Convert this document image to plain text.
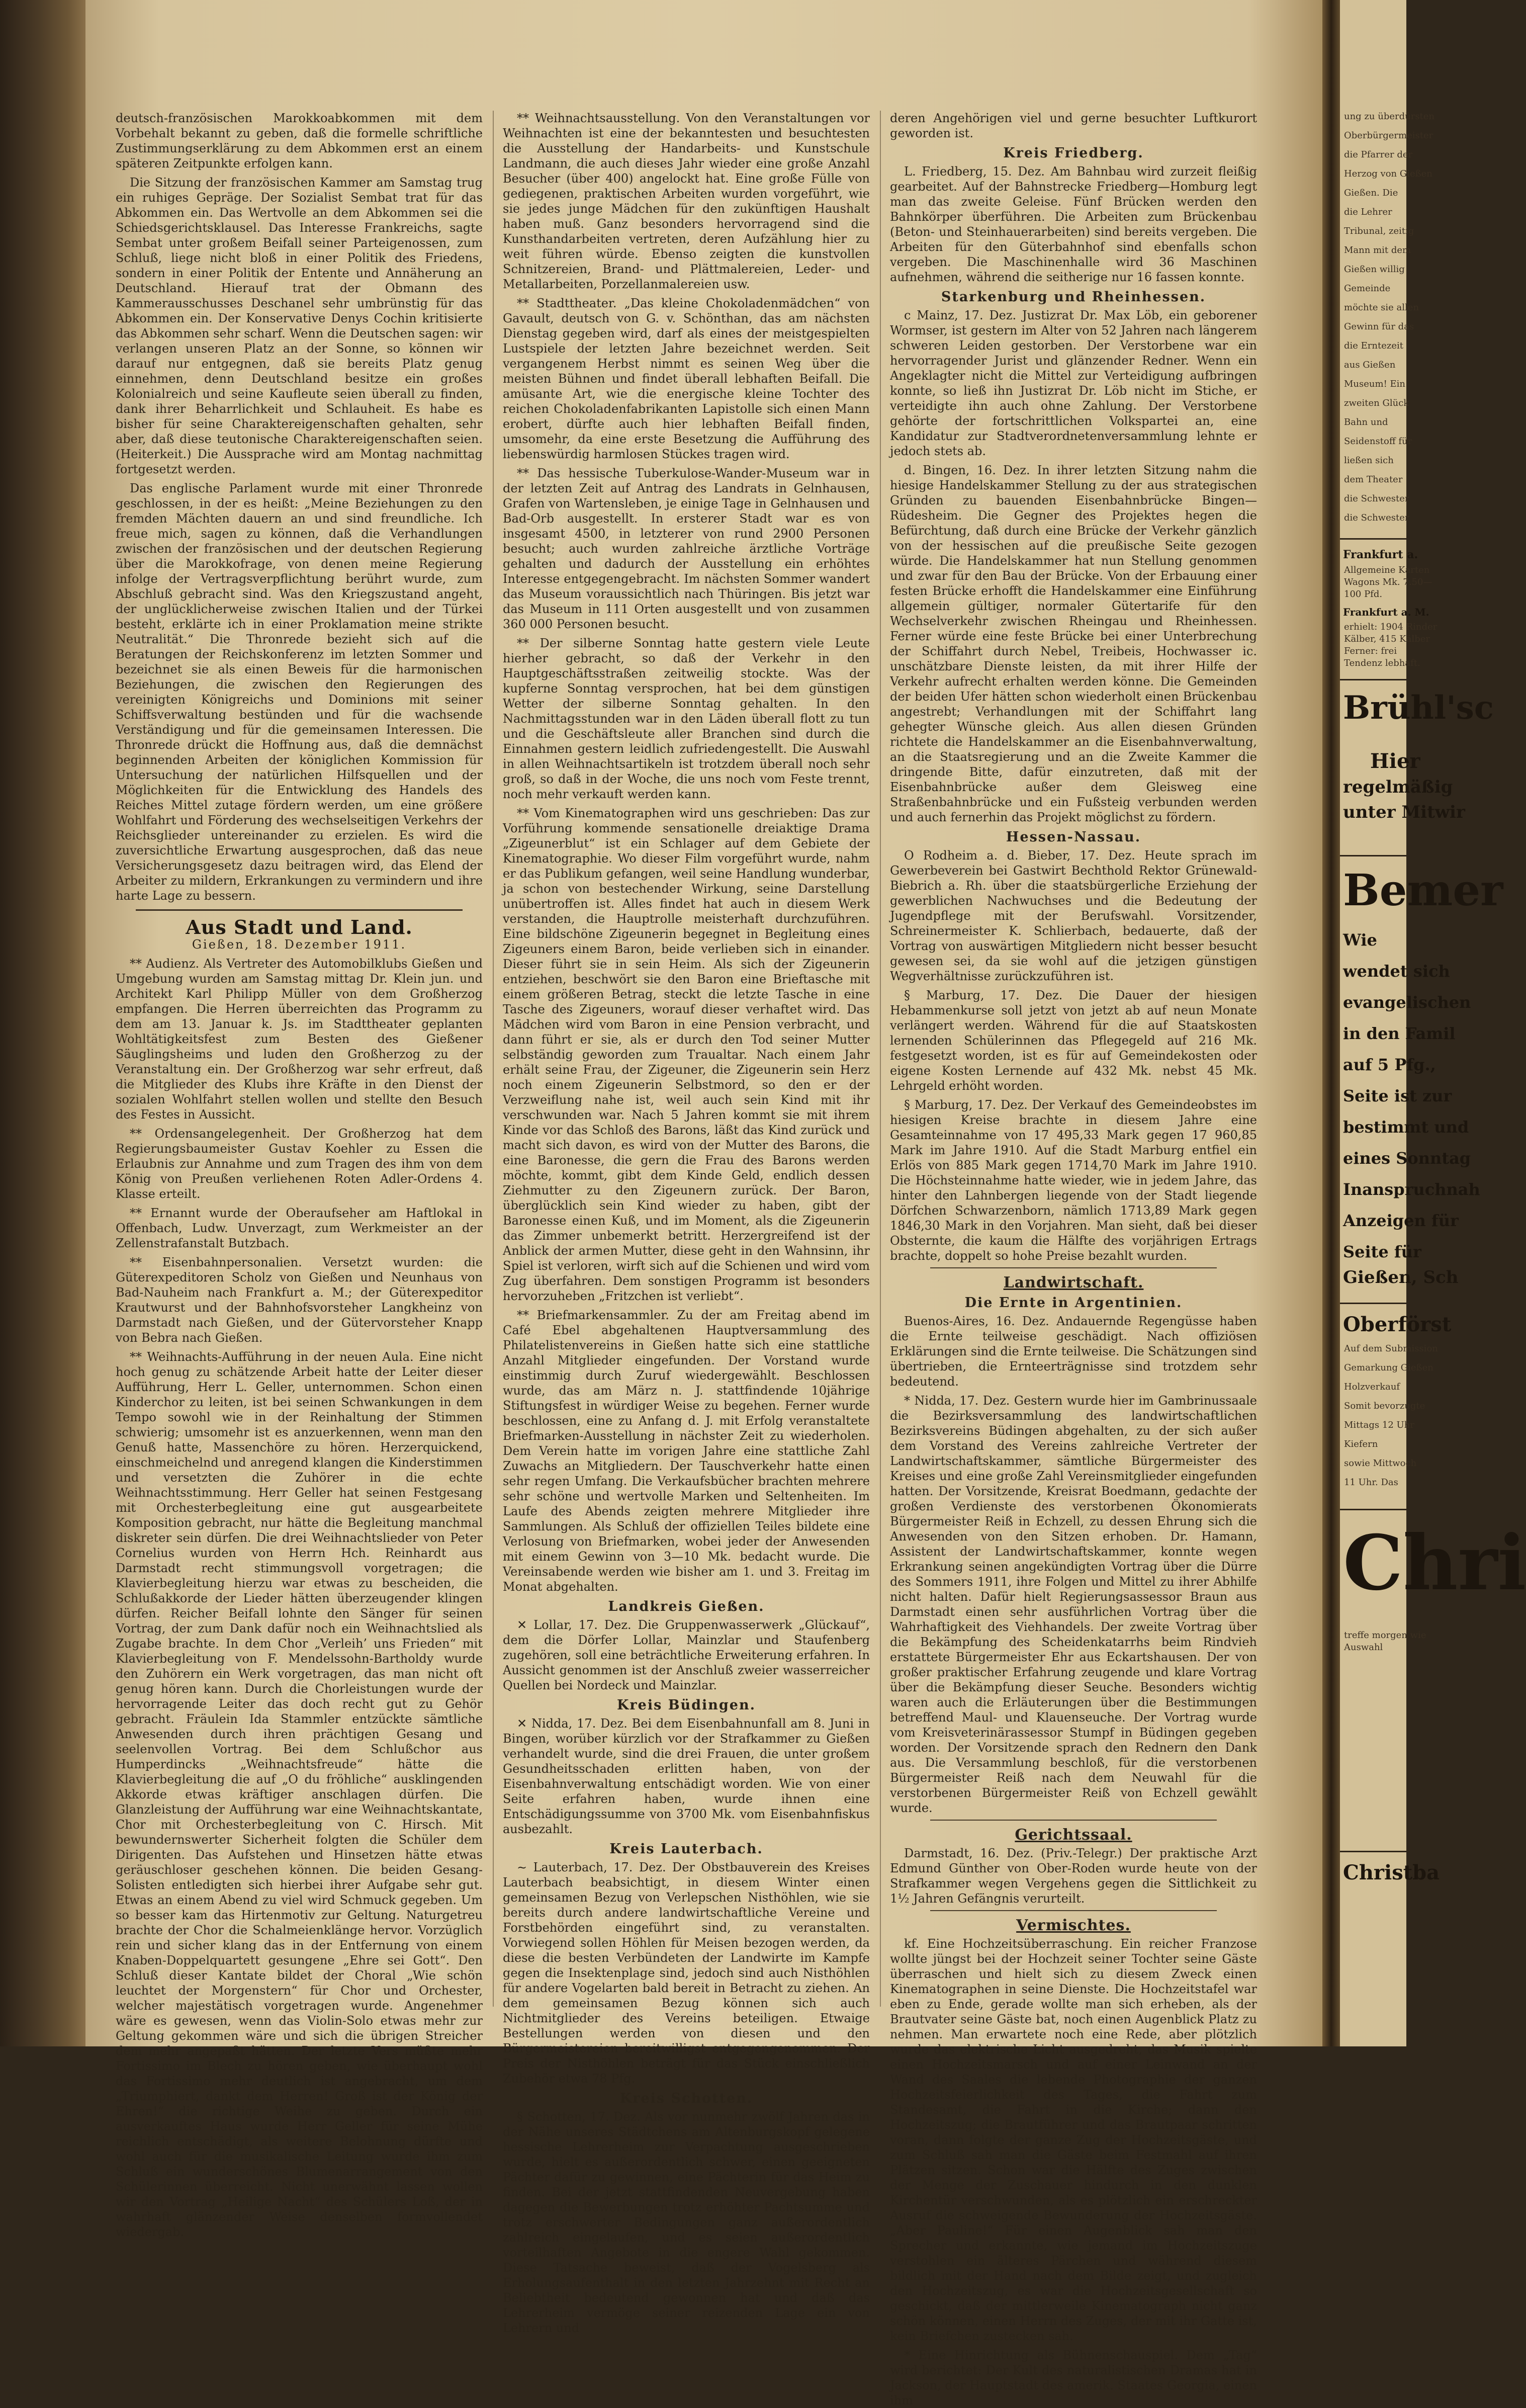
deutsch-französischen Marokkoabkommen mit dem Vorbehalt bekannt zu geben, daß die formelle schriftliche Zustimmungserklärung zu dem Abkommen erst an einem späteren Zeitpunkte erfolgen kann.

Die Sitzung der französischen Kammer am Samstag trug ein ruhiges Gepräge. Der Sozialist Sembat trat für das Abkommen ein. Das Wertvolle an dem Abkommen sei die Schiedsgerichtsklausel. Das Interesse Frankreichs, sagte Sembat unter großem Beifall seiner Parteigenossen, zum Schluß, liege nicht bloß in einer Politik des Friedens, sondern in einer Politik der Entente und Annäherung an Deutschland. Hierauf trat der Obmann des Kammerausschusses Deschanel sehr umbrünstig für das Abkommen ein. Der Konservative Denys Cochin kritisierte das Abkommen sehr scharf. Wenn die Deutschen sagen: wir verlangen unseren Platz an der Sonne, so können wir darauf nur entgegnen, daß sie bereits Platz genug einnehmen, denn Deutschland besitze ein großes Kolonialreich und seine Kaufleute seien überall zu finden, dank ihrer Beharrlichkeit und Schlauheit. Es habe es bisher für seine Charaktereigenschaften gehalten, sehr aber, daß diese teutonische Charaktereigenschaften seien. (Heiterkeit.) Die Aussprache wird am Montag nachmittag fortgesetzt werden.

Das englische Parlament wurde mit einer Thronrede geschlossen, in der es heißt: „Meine Beziehungen zu den fremden Mächten dauern an und sind freundliche. Ich freue mich, sagen zu können, daß die Verhandlungen zwischen der französischen und der deutschen Regierung über die Marokkofrage, von denen meine Regierung infolge der Vertragsverpflichtung berührt wurde, zum Abschluß gebracht sind. Was den Kriegszustand angeht, der unglücklicherweise zwischen Italien und der Türkei besteht, erklärte ich in einer Proklamation meine strikte Neutralität.“ Die Thronrede bezieht sich auf die Beratungen der Reichskonferenz im letzten Sommer und bezeichnet sie als einen Beweis für die harmonischen Beziehungen, die zwischen den Regierungen des vereinigten Königreichs und Dominions mit seiner Schiffsverwaltung bestünden und für die wachsende Verständigung und für die gemeinsamen Interessen. Die Thronrede drückt die Hoffnung aus, daß die demnächst beginnenden Arbeiten der königlichen Kommission für Untersuchung der natürlichen Hilfsquellen und der Möglichkeiten für die Entwicklung des Handels des Reiches Mittel zutage fördern werden, um eine größere Wohlfahrt und Förderung des wechselseitigen Verkehrs der Reichsglieder untereinander zu erzielen. Es wird die zuversichtliche Erwartung ausgesprochen, daß das neue Versicherungsgesetz dazu beitragen wird, das Elend der Arbeiter zu mildern, Erkrankungen zu vermindern und ihre harte Lage zu bessern.

Aus Stadt und Land.
Gießen, 18. Dezember 1911.

** Audienz. Als Vertreter des Automobilklubs Gießen und Umgebung wurden am Samstag mittag Dr. Klein jun. und Architekt Karl Philipp Müller von dem Großherzog empfangen. Die Herren überreichten das Programm zu dem am 13. Januar k. Js. im Stadttheater geplanten Wohltätigkeitsfest zum Besten des Gießener Säuglingsheims und luden den Großherzog zu der Veranstaltung ein. Der Großherzog war sehr erfreut, daß die Mitglieder des Klubs ihre Kräfte in den Dienst der sozialen Wohlfahrt stellen wollen und stellte den Besuch des Festes in Aussicht.

** Ordensangelegenheit. Der Großherzog hat dem Regierungsbaumeister Gustav Koehler zu Essen die Erlaubnis zur Annahme und zum Tragen des ihm von dem König von Preußen verliehenen Roten Adler-Ordens 4. Klasse erteilt.

** Ernannt wurde der Oberaufseher am Haftlokal in Offenbach, Ludw. Unverzagt, zum Werkmeister an der Zellenstrafanstalt Butzbach.

** Eisenbahnpersonalien. Versetzt wurden: die Güterexpeditoren Scholz von Gießen und Neunhaus von Bad-Nauheim nach Frankfurt a. M.; der Güterexpeditor Krautwurst und der Bahnhofsvorsteher Langkheinz von Darmstadt nach Gießen, und der Gütervorsteher Knapp von Bebra nach Gießen.

** Weihnachts-Aufführung in der neuen Aula. Eine nicht hoch genug zu schätzende Arbeit hatte der Leiter dieser Aufführung, Herr L. Geller, unternommen. Schon einen Kinderchor zu leiten, ist bei seinen Schwankungen in dem Tempo sowohl wie in der Reinhaltung der Stimmen schwierig; umsomehr ist es anzuerkennen, wenn man den Genuß hatte, Massenchöre zu hören. Herzerquickend, einschmeichelnd und anregend klangen die Kinderstimmen und versetzten die Zuhörer in die echte Weihnachtsstimmung. Herr Geller hat seinen Festgesang mit Orchesterbegleitung eine gut ausgearbeitete Komposition gebracht, nur hätte die Begleitung manchmal diskreter sein dürfen. Die drei Weihnachtslieder von Peter Cornelius wurden von Herrn Hch. Reinhardt aus Darmstadt recht stimmungsvoll vorgetragen; die Klavierbegleitung hierzu war etwas zu bescheiden, die Schlußakkorde der Lieder hätten überzeugender klingen dürfen. Reicher Beifall lohnte den Sänger für seinen Vortrag, der zum Dank dafür noch ein Weihnachtslied als Zugabe brachte. In dem Chor „Verleih’ uns Frieden“ mit Klavierbegleitung von F. Mendelssohn-Bartholdy wurde den Zuhörern ein Werk vorgetragen, das man nicht oft genug hören kann. Durch die Chorleistungen wurde der hervorragende Leiter das doch recht gut zu Gehör gebracht. Fräulein Ida Stammler entzückte sämtliche Anwesenden durch ihren prächtigen Gesang und seelenvollen Vortrag. Bei dem Schlußchor aus Humperdincks „Weihnachtsfreude“ hätte die Klavierbegleitung die auf „O du fröhliche“ ausklingenden Akkorde etwas kräftiger anschlagen dürfen. Die Glanzleistung der Aufführung war eine Weihnachtskantate, Chor mit Orchesterbegleitung von C. Hirsch. Mit bewundernswerter Sicherheit folgten die Schüler dem Dirigenten. Das Aufstehen und Hinsetzen hätte etwas geräuschloser geschehen können. Die beiden Gesang-Solisten entledigten sich hierbei ihrer Aufgabe sehr gut. Etwas an einem Abend zu viel wird Schmuck gegeben. Um so besser kam das Hirtenmotiv zur Geltung. Naturgetreu brachte der Chor die Schalmeienklänge hervor. Vorzüglich rein und sicher klang das in der Entfernung von einem Knaben-Doppelquartett gesungene „Ehre sei Gott“. Den Schluß dieser Kantate bildet der Choral „Wie schön leuchtet der Morgenstern“ für Chor und Orchester, welcher majestätisch vorgetragen wurde. Angenehmer wäre es gewesen, wenn das Violin-Solo etwas mehr zur Geltung gekommen wäre und sich die übrigen Streicher dem mehr angepaßt hätten. Der letzte Vers müßte mehr Fortissimo im Blech zu hören geben, wie überhaupt wohl das Fortissimo mehr deutlich ist angebracht, um dem „Triumphiert, dankt dem Herren! Groß ist der König der Ehren!“ die richtige Weihe zu geben. Durch ein ausverkauftes Haus wurde Herr Geller für seine Mühe reichlich entschädigt, als weitere Belohnung dürfte und wohl auch für die musikalische Leitung wurde ihm zum Schluß ein wunderschönes Blumenarrangement von den Schülerinnen überreicht. Nicht unerwähnt lassen wollen wir den Vortrag „Heilige Nacht“ des Schülers Loß, der in wahrhaft glänzender Weise denselben formvollendet wiedergab.

** Weihnachtsausstellung. Von den Veranstaltungen vor Weihnachten ist eine der bekanntesten und besuchtesten die Ausstellung der Handarbeits- und Kunstschule Landmann, die auch dieses Jahr wieder eine große Anzahl Besucher (über 400) angelockt hat. Eine große Fülle von gediegenen, praktischen Arbeiten wurden vorgeführt, wie sie jedes junge Mädchen für den zukünftigen Haushalt haben muß. Ganz besonders hervorragend sind die Kunsthandarbeiten vertreten, deren Aufzählung hier zu weit führen würde. Ebenso zeigten die kunstvollen Schnitzereien, Brand- und Plättmalereien, Leder- und Metallarbeiten, Porzellanmalereien usw.

** Stadttheater. „Das kleine Chokoladenmädchen“ von Gavault, deutsch von G. v. Schönthan, das am nächsten Dienstag gegeben wird, darf als eines der meistgespielten Lustspiele der letzten Jahre bezeichnet werden. Seit vergangenem Herbst nimmt es seinen Weg über die meisten Bühnen und findet überall lebhaften Beifall. Die amüsante Art, wie die energische kleine Tochter des reichen Chokoladenfabrikanten Lapistolle sich einen Mann erobert, dürfte auch hier lebhaften Beifall finden, umsomehr, da eine erste Besetzung die Aufführung des liebenswürdig harmlosen Stückes tragen wird.

** Das hessische Tuberkulose-Wander-Museum war in der letzten Zeit auf Antrag des Landrats in Gelnhausen, Grafen von Wartensleben, je einige Tage in Gelnhausen und Bad-Orb ausgestellt. In ersterer Stadt war es von insgesamt 4500, in letzterer von rund 2900 Personen besucht; auch wurden zahlreiche ärztliche Vorträge gehalten und dadurch der Ausstellung ein erhöhtes Interesse entgegengebracht. Im nächsten Sommer wandert das Museum voraussichtlich nach Thüringen. Bis jetzt war das Museum in 111 Orten ausgestellt und von zusammen 360 000 Personen besucht.

** Der silberne Sonntag hatte gestern viele Leute hierher gebracht, so daß der Verkehr in den Hauptgeschäftsstraßen zeitweilig stockte. Was der kupferne Sonntag versprochen, hat bei dem günstigen Wetter der silberne Sonntag gehalten. In den Nachmittagsstunden war in den Läden überall flott zu tun und die Geschäftsleute aller Branchen sind durch die Einnahmen gestern leidlich zufriedengestellt. Die Auswahl in allen Weihnachtsartikeln ist trotzdem überall noch sehr groß, so daß in der Woche, die uns noch vom Feste trennt, noch mehr verkauft werden kann.

** Vom Kinematographen wird uns geschrieben: Das zur Vorführung kommende sensationelle dreiaktige Drama „Zigeunerblut“ ist ein Schlager auf dem Gebiete der Kinematographie. Wo dieser Film vorgeführt wurde, nahm er das Publikum gefangen, weil seine Handlung wunderbar, ja schon von bestechender Wirkung, seine Darstellung unübertroffen ist. Alles findet hat auch in diesem Werk verstanden, die Hauptrolle meisterhaft durchzuführen. Eine bildschöne Zigeunerin begegnet in Begleitung eines Zigeuners einem Baron, beide verlieben sich in einander. Dieser führt sie in sein Heim. Als sich der Zigeunerin entziehen, beschwört sie den Baron eine Brieftasche mit einem größeren Betrag, steckt die letzte Tasche in eine Tasche des Zigeuners, worauf dieser verhaftet wird. Das Mädchen wird vom Baron in eine Pension verbracht, und dann führt er sie, als er durch den Tod seiner Mutter selbständig geworden zum Traualtar. Nach einem Jahr erhält seine Frau, der Zigeuner, die Zigeunerin sein Herz noch einem Zigeunerin Selbstmord, so den er der Verzweiflung nahe ist, weil auch sein Kind mit ihr verschwunden war. Nach 5 Jahren kommt sie mit ihrem Kinde vor das Schloß des Barons, läßt das Kind zurück und macht sich davon, es wird von der Mutter des Barons, die eine Baronesse, die gern die Frau des Barons werden möchte, kommt, gibt dem Kinde Geld, endlich dessen Ziehmutter zu den Zigeunern zurück. Der Baron, überglücklich sein Kind wieder zu haben, gibt der Baronesse einen Kuß, und im Moment, als die Zigeunerin das Zimmer unbemerkt betritt. Herzergreifend ist der Anblick der armen Mutter, diese geht in den Wahnsinn, ihr Spiel ist verloren, wirft sich auf die Schienen und wird vom Zug überfahren. Dem sonstigen Programm ist besonders hervorzuheben „Fritzchen ist verliebt“.

** Briefmarkensammler. Zu der am Freitag abend im Café Ebel abgehaltenen Hauptversammlung des Philatelistenvereins in Gießen hatte sich eine stattliche Anzahl Mitglieder eingefunden. Der Vorstand wurde einstimmig durch Zuruf wiedergewählt. Beschlossen wurde, das am März n. J. stattfindende 10jährige Stiftungsfest in würdiger Weise zu begehen. Ferner wurde beschlossen, eine zu Anfang d. J. mit Erfolg veranstaltete Briefmarken-Ausstellung in nächster Zeit zu wiederholen. Dem Verein hatte im vorigen Jahre eine stattliche Zahl Zuwachs an Mitgliedern. Der Tauschverkehr hatte einen sehr regen Umfang. Die Verkaufsbücher brachten mehrere sehr schöne und wertvolle Marken und Seltenheiten. Im Laufe des Abends zeigten mehrere Mitglieder ihre Sammlungen. Als Schluß der offiziellen Teiles bildete eine Verlosung von Briefmarken, wobei jeder der Anwesenden mit einem Gewinn von 3—10 Mk. bedacht wurde. Die Vereinsabende werden wie bisher am 1. und 3. Freitag im Monat abgehalten.

Landkreis Gießen.

✕ Lollar, 17. Dez. Die Gruppenwasserwerk „Glückauf“, dem die Dörfer Lollar, Mainzlar und Staufenberg zugehören, soll eine beträchtliche Erweiterung erfahren. In Aussicht genommen ist der Anschluß zweier wasserreicher Quellen bei Nordeck und Mainzlar.

Kreis Büdingen.

✕ Nidda, 17. Dez. Bei dem Eisenbahnunfall am 8. Juni in Bingen, worüber kürzlich vor der Strafkammer zu Gießen verhandelt wurde, sind die drei Frauen, die unter großem Gesundheitsschaden erlitten haben, von der Eisenbahnverwaltung entschädigt worden. Wie von einer Seite erfahren haben, wurde ihnen eine Entschädigungssumme von 3700 Mk. vom Eisenbahnfiskus ausbezahlt.

Kreis Lauterbach.

∼ Lauterbach, 17. Dez. Der Obstbauverein des Kreises Lauterbach beabsichtigt, in diesem Winter einen gemeinsamen Bezug von Verlepschen Nisthöhlen, wie sie bereits durch andere landwirtschaftliche Vereine und Forstbehörden eingeführt sind, zu veranstalten. Vorwiegend sollen Höhlen für Meisen bezogen werden, da diese die besten Verbündeten der Landwirte im Kampfe gegen die Insektenplage sind, jedoch sind auch Nisthöhlen für andere Vogelarten bald bereit in Betracht zu ziehen. An dem gemeinsamen Bezug können sich auch Nichtmitglieder des Vereins beteiligen. Etwaige Bestellungen werden von diesen und den Bürgermeistereien bereitwilligst entgegengenommen. Der Preis der Nisthöhlen beträgt für das Stück einschließlich Zubehör etwa 78 Pfg.

Kreis Schotten.

§ Schotten, 17. Dez. Als vor nunmehr zwölf Jahren das in der Nähe unseres Städtchens am Altenburgskopf gelegene hessische Lehrerheim zur Verpachtung ausgeschrieben wurde, hielt es außerordentlich schwer, einen geeigneten Pächter dafür zu gewinnen, eine Pächterin für das Heim zu finden. Bei der jetzt stattfindenden Neuvergebung haben dagegen die Bewerbungen trotz erhöhter Pachtsumme und trotz erschwerter Bedingungen ganz außerordentlich zahlreich eingelaufen, und es seien außerordentlich vorteilhaften Angebote in die engere Wahl gekommen. Diese Tatsache beweist, daß der Vogelsberg als Erholungsaufenthalt in den letzten Jahrzehnt mit Recht an Beliebtheit bedeutend gewonnen hat und daß das Lehrerheim vermöge seiner reizenden Lage ein von Lehrern und

deren Angehörigen viel und gerne besuchter Luftkurort geworden ist.

Kreis Friedberg.

L. Friedberg, 15. Dez. Am Bahnbau wird zurzeit fleißig gearbeitet. Auf der Bahnstrecke Friedberg—Homburg legt man das zweite Geleise. Fünf Brücken werden den Bahnkörper überführen. Die Arbeiten zum Brückenbau (Beton- und Steinhauerarbeiten) sind bereits vergeben. Die Arbeiten für den Güterbahnhof sind ebenfalls schon vergeben. Die Maschinenhalle wird 36 Maschinen aufnehmen, während die seitherige nur 16 fassen konnte.

Starkenburg und Rheinhessen.

c Mainz, 17. Dez. Justizrat Dr. Max Löb, ein geborener Wormser, ist gestern im Alter von 52 Jahren nach längerem schweren Leiden gestorben. Der Verstorbene war ein hervorragender Jurist und glänzender Redner. Wenn ein Angeklagter nicht die Mittel zur Verteidigung aufbringen konnte, so ließ ihn Justizrat Dr. Löb nicht im Stiche, er verteidigte ihn auch ohne Zahlung. Der Verstorbene gehörte der fortschrittlichen Volkspartei an, eine Kandidatur zur Stadtverordnetenversammlung lehnte er jedoch stets ab.

d. Bingen, 16. Dez. In ihrer letzten Sitzung nahm die hiesige Handelskammer Stellung zu der aus strategischen Gründen zu bauenden Eisenbahnbrücke Bingen—Rüdesheim. Die Gegner des Projektes hegen die Befürchtung, daß durch eine Brücke der Verkehr gänzlich von der hessischen auf die preußische Seite gezogen würde. Die Handelskammer hat nun Stellung genommen und zwar für den Bau der Brücke. Von der Erbauung einer festen Brücke erhofft die Handelskammer eine Einführung allgemein gültiger, normaler Gütertarife für den Wechselverkehr zwischen Rheingau und Rheinhessen. Ferner würde eine feste Brücke bei einer Unterbrechung der Schiffahrt durch Nebel, Treibeis, Hochwasser ic. unschätzbare Dienste leisten, da mit ihrer Hilfe der Verkehr aufrecht erhalten werden könne. Die Gemeinden der beiden Ufer hätten schon wiederholt einen Brückenbau angestrebt; Verhandlungen mit der Schiffahrt lang gehegter Wünsche gleich. Aus allen diesen Gründen richtete die Handelskammer an die Eisenbahnverwaltung, an die Staatsregierung und an die Zweite Kammer die dringende Bitte, dafür einzutreten, daß mit der Eisenbahnbrücke außer dem Gleisweg eine Straßenbahnbrücke und ein Fußsteig verbunden werden und auch fernerhin das Projekt möglichst zu fördern.

Hessen-Nassau.

O Rodheim a. d. Bieber, 17. Dez. Heute sprach im Gewerbeverein bei Gastwirt Bechthold Rektor Grünewald-Biebrich a. Rh. über die staatsbürgerliche Erziehung der gewerblichen Nachwuchses und die Bedeutung der Jugendpflege mit der Berufswahl. Vorsitzender, Schreinermeister K. Schlierbach, bedauerte, daß der Vortrag von auswärtigen Mitgliedern nicht besser besucht gewesen sei, da sie wohl auf die jetzigen günstigen Wegverhältnisse zurückzuführen ist.

§ Marburg, 17. Dez. Die Dauer der hiesigen Hebammenkurse soll jetzt von jetzt ab auf neun Monate verlängert werden. Während für die auf Staatskosten lernenden Schülerinnen das Pflegegeld auf 216 Mk. festgesetzt worden, ist es für auf Gemeindekosten oder eigene Kosten Lernende auf 432 Mk. nebst 45 Mk. Lehrgeld erhöht worden.

§ Marburg, 17. Dez. Der Verkauf des Gemeindeobstes im hiesigen Kreise brachte in diesem Jahre eine Gesamteinnahme von 17 495,33 Mark gegen 17 960,85 Mark im Jahre 1910. Auf die Stadt Marburg entfiel ein Erlös von 885 Mark gegen 1714,70 Mark im Jahre 1910. Die Höchsteinnahme hatte wieder, wie in jedem Jahre, das hinter den Lahnbergen liegende von der Stadt liegende Dörfchen Schwarzenborn, nämlich 1713,89 Mark gegen 1846,30 Mark in den Vorjahren. Man sieht, daß bei dieser Obsternte, die kaum die Hälfte des vorjährigen Ertrags brachte, doppelt so hohe Preise bezahlt wurden.

Landwirtschaft.
Die Ernte in Argentinien.

Buenos-Aires, 16. Dez. Andauernde Regengüsse haben die Ernte teilweise geschädigt. Nach offiziösen Erklärungen sind die Ernte teilweise. Die Schätzungen sind übertrieben, die Ernteerträgnisse sind trotzdem sehr bedeutend.

* Nidda, 17. Dez. Gestern wurde hier im Gambrinussaale die Bezirksversammlung des landwirtschaftlichen Bezirksvereins Büdingen abgehalten, zu der sich außer dem Vorstand des Vereins zahlreiche Vertreter der Landwirtschaftskammer, sämtliche Bürgermeister des Kreises und eine große Zahl Vereinsmitglieder eingefunden hatten. Der Vorsitzende, Kreisrat Boedmann, gedachte der großen Verdienste des verstorbenen Ökonomierats Bürgermeister Reiß in Echzell, zu dessen Ehrung sich die Anwesenden von den Sitzen erhoben. Dr. Hamann, Assistent der Landwirtschaftskammer, konnte wegen Erkrankung seinen angekündigten Vortrag über die Dürre des Sommers 1911, ihre Folgen und Mittel zu ihrer Abhilfe nicht halten. Dafür hielt Regierungsassessor Braun aus Darmstadt einen sehr ausführlichen Vortrag über die Wahrhaftigkeit des Viehhandels. Der zweite Vortrag über die Bekämpfung des Scheidenkatarrhs beim Rindvieh erstattete Bürgermeister Ehr aus Eckartshausen. Der von großer praktischer Erfahrung zeugende und klare Vortrag über die Bekämpfung dieser Seuche. Besonders wichtig waren auch die Erläuterungen über die Bestimmungen betreffend Maul- und Klauenseuche. Der Vortrag wurde vom Kreisveterinärassessor Stumpf in Büdingen gegeben worden. Der Vorsitzende sprach den Rednern den Dank aus. Die Versammlung beschloß, für die verstorbenen Bürgermeister Reiß nach dem Neuwahl für die verstorbenen Bürgermeister Reiß von Echzell gewählt wurde.

Gerichtssaal.

Darmstadt, 16. Dez. (Priv.-Telegr.) Der praktische Arzt Edmund Günther von Ober-Roden wurde heute von der Strafkammer wegen Vergehens gegen die Sittlichkeit zu 1½ Jahren Gefängnis verurteilt.

Vermischtes.

kf. Eine Hochzeitsüberraschung. Ein reicher Franzose wollte jüngst bei der Hochzeit seiner Tochter seine Gäste überraschen und hielt sich zu diesem Zweck einen Kinematographen in seine Dienste. Die Hochzeitstafel war eben zu Ende, gerade wollte man sich erheben, als der Brautvater seine Gäste bat, noch einen Augenblick Platz zu nehmen. Man erwartete noch eine Rede, aber plötzlich wurde das elektrische Licht ausgedreht, das Musik spielte einen Hochzeitsmarsch und auf einer Leinwand an der Wand des Saales die lebende Photographie der ganzen Hochzeitsfeierlichkeit des Tages, die Fahrt zum Standesamt, die Fahrt in die Kirche; dann den Hochzeitszug; die Brautführer und das Brautpaar schritten voran, dann folgte der ganze Zug der Hochzeitsgäste, und zum Schluß sah man die Gäste beim Festmahl auf ihren Plätzen sitzen. Schon war die Hälfte des Zuges zwischen der Menge der Zuschauer hindurch in den dunklen Kirchentür verschwunden, als es plötzlich ein erschreckter Ausruf die schweigende Bewunderung der Hochzeitsgäste. „Aber Pauline!“ Für einen Augenblick sah man den Sprecher und erkannte, wie jemand im Hochzeitszuge verstohlen ein älteres Pärchen und während diesem bildlich mit der Hand nach dem Bilde zeigt, und zugleich den Hochzeitszug, es war die Hochzeitsgesellschaft so geschickt, daß der mittlerweile Kinematograph nicht ganz schön können, einen Herrn des Zuges, der mit ihr Gatte ist, kein Briefchen zustecken sah.

* Eine Hinrichtung als Bühnenschauspiel. Dem „Tag“ wird berichtet: Der Kult des naturalistischen Dramas hat in Jackson, der Hauptstadt des amerik. Staates Georgia, einen ihm

ung zu überdürsten
Oberbürgermeister
die Pfarrer der
Herzog von Gießen
Gießen. Die
die Lehrer
Tribunal, zeitig
Mann mit dem
Gießen willig
Gemeinde
möchte sie allen
Gewinn für das
die Erntezeit
aus Gießen
Museum! Ein
zweiten Glück
Bahn und
Seidenstoff für
ließen sich
dem Theater
die Schwester
die Schwester
Frankfurt a.
Allgemeine Karten
Wagons Mk. 7.50—
100 Pfd.
Frankfurt a. M.
erhielt: 1904 Rinder
Kälber, 415 Kälber
Ferner: frei
Tendenz lebhaft.
Brühl'sc
Hier
regelmäßig
unter Mitwir
Bemer
Wie
wendet sich
evangelischen
in den Famil
auf 5 Pfg.,
Seite ist zur
bestimmt und
eines Sonntag
Inanspruchnah
Anzeigen für
Seite für
Gießen, Sch
Oberförst
Auf dem Submission
Gemarkung Gießen
Holzverkauf
Somit bevorzugte
Mittags 12 Uhr
Kiefern
sowie Mittwoch
11 Uhr. Das
Chri
treffe morgen wie
Auswahl
Christba
